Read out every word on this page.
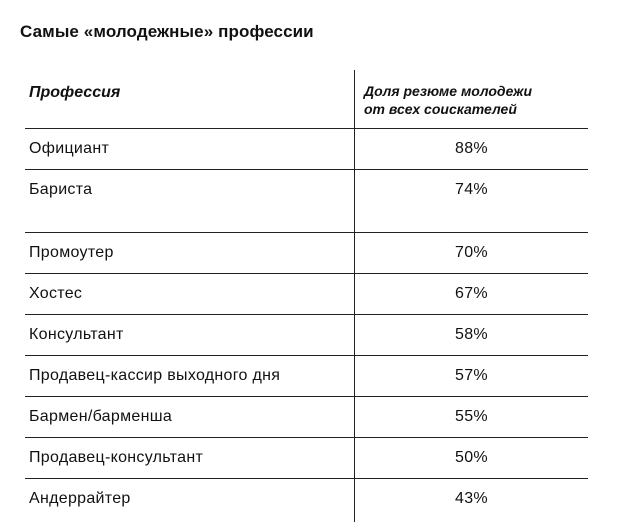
Самые «молодежные» профессии
Профессия	Доля резюме молодежи
от всех соискателей
Официант	88%
Бариста	74%
Промоутер	70%
Хостес	67%
Консультант	58%
Продавец-кассир выходного дня	57%
Бармен/барменша	55%
Продавец-консультант	50%
Андеррайтер	43%
